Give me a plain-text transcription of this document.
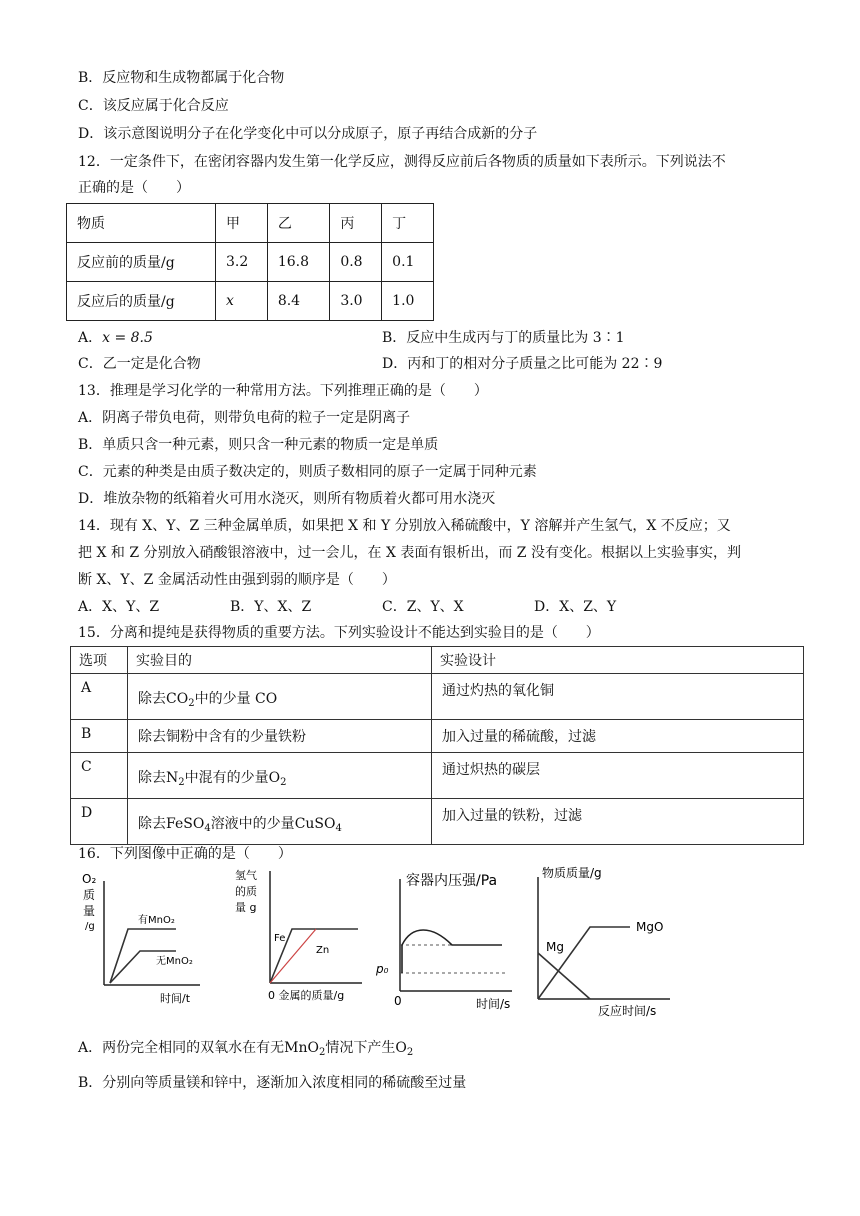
B．反应物和生成物都属于化合物
C．该反应属于化合反应
D．该示意图说明分子在化学变化中可以分成原子，原子再结合成新的分子
12．一定条件下，在密闭容器内发生第一化学反应，测得反应前后各物质的质量如下表所示。下列说法不
正确的是（　　）
物质	甲	乙	丙	丁
反应前的质量/g	3.2	16.8	0.8	0.1
反应后的质量/g	x	8.4	3.0	1.0
A．x = 8.5	B．反应中生成丙与丁的质量比为 3∶1
C．乙一定是化合物	D．丙和丁的相对分子质量之比可能为 22∶9
13．推理是学习化学的一种常用方法。下列推理正确的是（　　）
A．阴离子带负电荷，则带负电荷的粒子一定是阴离子
B．单质只含一种元素，则只含一种元素的物质一定是单质
C．元素的种类是由质子数决定的，则质子数相同的原子一定属于同种元素
D．堆放杂物的纸箱着火可用水浇灭，则所有物质着火都可用水浇灭
14．现有 X、Y、Z 三种金属单质，如果把 X 和 Y 分别放入稀硫酸中，Y 溶解并产生氢气，X 不反应；又
把 X 和 Z 分别放入硝酸银溶液中，过一会儿，在 X 表面有银析出，而 Z 没有变化。根据以上实验事实，判
断 X、Y、Z 金属活动性由强到弱的顺序是（　　）
A．X、Y、Z	B．Y、X、Z	C．Z、Y、X	D．X、Z、Y
15．分离和提纯是获得物质的重要方法。下列实验设计不能达到实验目的是（　　）
选项	实验目的	实验设计
A	除去$CO_2$中的少量 CO	通过灼热的氧化铜
B	除去铜粉中含有的少量铁粉	加入过量的稀硫酸，过滤
C	除去$N_2$中混有的少量$O_2$	通过炽热的碳层
D	除去FeSO$_4$溶液中的少量CuSO$_4$	加入过量的铁粉，过滤
16．下列图像中正确的是（　　）
O₂
质
量
/g
有MnO₂
无MnO₂
时间/t
氢气
的质
量 g
Fe
Zn
0 金属的质量/g
容器内压强/Pa
p₀
0	时间/s
物质质量/g
MgO
Mg
反应时间/s
A．两份完全相同的双氧水在有无MnO$_2$情况下产生$O_2$
B．分别向等质量镁和锌中，逐渐加入浓度相同的稀硫酸至过量
